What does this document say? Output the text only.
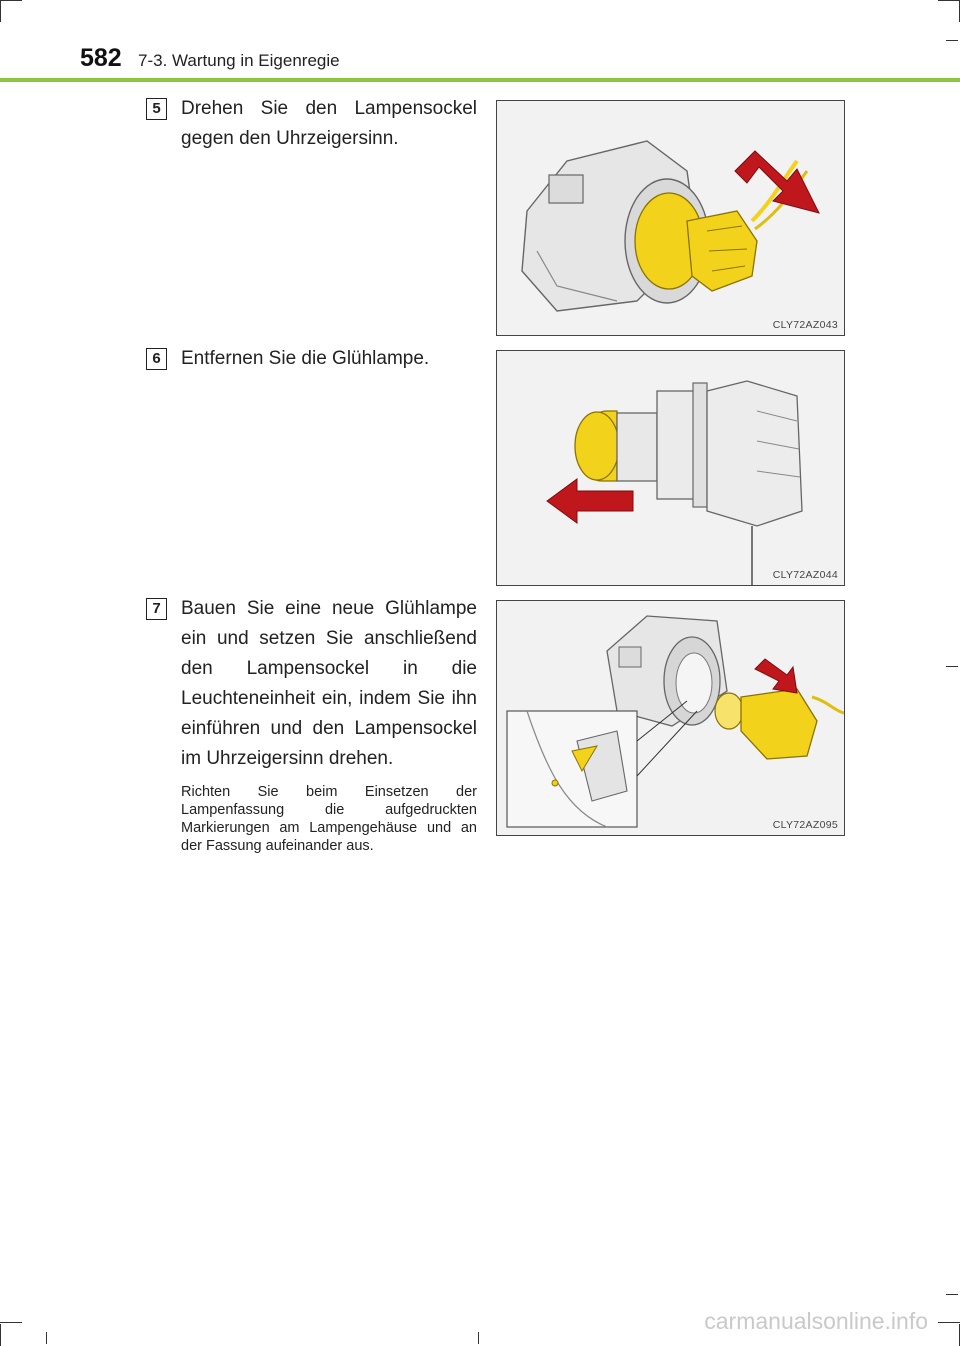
582 7-3. Wartung in Eigenregie
5	Drehen Sie den Lampensockel gegen den Uhrzeigersinn.
CLY72AZ043
6	Entfernen Sie die Glühlampe.
CLY72AZ044
7	Bauen Sie eine neue Glühlampe ein und setzen Sie anschließend den Lampensockel in die Leuchteneinheit ein, indem Sie ihn einführen und den Lampensockel im Uhrzeigersinn drehen.
Richten Sie beim Einsetzen der Lampenfassung die aufgedruckten Markierungen am Lampengehäuse und an der Fassung aufeinander aus.
CLY72AZ095
carmanualsonline.info
